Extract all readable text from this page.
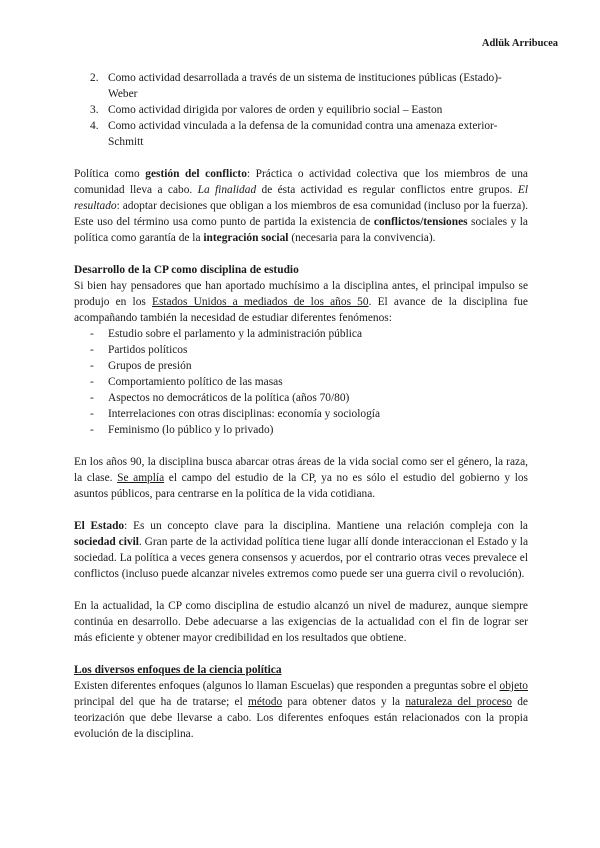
Adlük Arribucea
2. Como actividad desarrollada a través de un sistema de instituciones públicas (Estado)- Weber
3. Como actividad dirigida por valores de orden y equilibrio social – Easton
4. Como actividad vinculada a la defensa de la comunidad contra una amenaza exterior- Schmitt

Política como gestión del conflicto: Práctica o actividad colectiva que los miembros de una comunidad lleva a cabo. La finalidad de ésta actividad es regular conflictos entre grupos. El resultado: adoptar decisiones que obligan a los miembros de esa comunidad (incluso por la fuerza). Este uso del término usa como punto de partida la existencia de conflictos/tensiones sociales y la política como garantía de la integración social (necesaria para la convivencia).

Desarrollo de la CP como disciplina de estudio

Si bien hay pensadores que han aportado muchísimo a la disciplina antes, el principal impulso se produjo en los Estados Unidos a mediados de los años 50. El avance de la disciplina fue acompañando también la necesidad de estudiar diferentes fenómenos:

- Estudio sobre el parlamento y la administración pública
- Partidos políticos
- Grupos de presión
- Comportamiento político de las masas
- Aspectos no democráticos de la política (años 70/80)
- Interrelaciones con otras disciplinas: economía y sociología
- Feminismo (lo público y lo privado)

En los años 90, la disciplina busca abarcar otras áreas de la vida social como ser el género, la raza, la clase. Se amplía el campo del estudio de la CP, ya no es sólo el estudio del gobierno y los asuntos públicos, para centrarse en la política de la vida cotidiana.

El Estado: Es un concepto clave para la disciplina. Mantiene una relación compleja con la sociedad civil. Gran parte de la actividad política tiene lugar allí donde interaccionan el Estado y la sociedad. La política a veces genera consensos y acuerdos, por el contrario otras veces prevalece el conflictos (incluso puede alcanzar niveles extremos como puede ser una guerra civil o revolución).

En la actualidad, la CP como disciplina de estudio alcanzó un nivel de madurez, aunque siempre continúa en desarrollo. Debe adecuarse a las exigencias de la actualidad con el fin de lograr ser más eficiente y obtener mayor credibilidad en los resultados que obtiene.

Los diversos enfoques de la ciencia política

Existen diferentes enfoques (algunos lo llaman Escuelas) que responden a preguntas sobre el objeto principal del que ha de tratarse; el método para obtener datos y la naturaleza del proceso de teorización que debe llevarse a cabo. Los diferentes enfoques están relacionados con la propia evolución de la disciplina.
